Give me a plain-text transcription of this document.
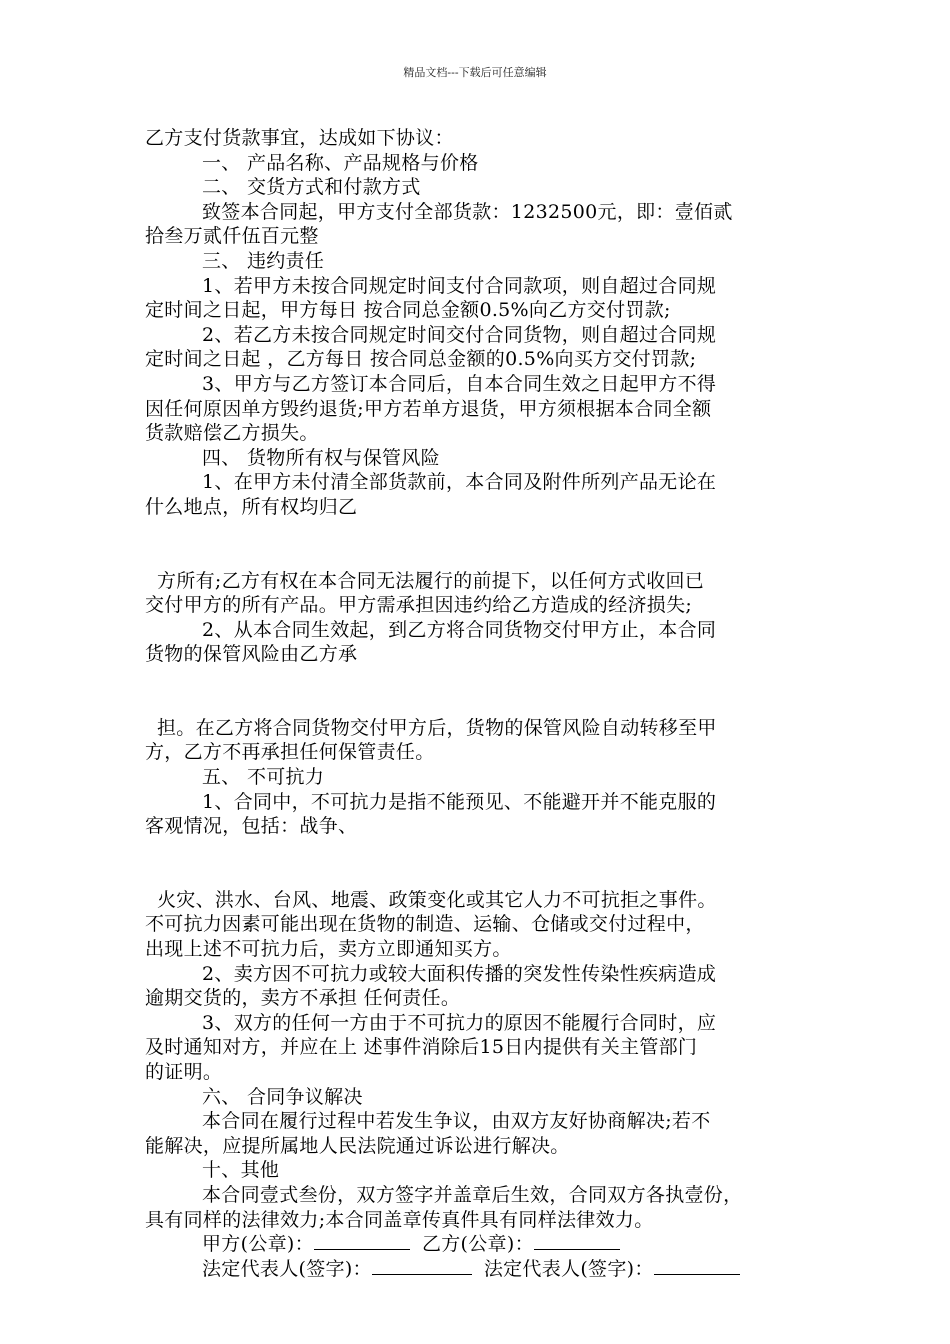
精品文档---下载后可任意编辑

乙方支付货款事宜，达成如下协议：

一、 产品名称、产品规格与价格

二、 交货方式和付款方式

致签本合同起，甲方支付全部货款：1232500元，即：壹佰贰

拾叁万贰仟伍百元整

三、 违约责任

1、若甲方未按合同规定时间支付合同款项，则自超过合同规

定时间之日起，甲方每日 按合同总金额0.5%向乙方交付罚款;

2、若乙方未按合同规定时间交付合同货物，则自超过合同规

定时间之日起 ，乙方每日 按合同总金额的0.5%向买方交付罚款;

3、甲方与乙方签订本合同后，自本合同生效之日起甲方不得

因任何原因单方毁约退货;甲方若单方退货，甲方须根据本合同全额

货款赔偿乙方损失。

四、 货物所有权与保管风险

1、在甲方未付清全部货款前，本合同及附件所列产品无论在

什么地点，所有权均归乙

方所有;乙方有权在本合同无法履行的前提下，以任何方式收回已

交付甲方的所有产品。甲方需承担因违约给乙方造成的经济损失;

2、从本合同生效起，到乙方将合同货物交付甲方止，本合同

货物的保管风险由乙方承

担。在乙方将合同货物交付甲方后，货物的保管风险自动转移至甲

方，乙方不再承担任何保管责任。

五、 不可抗力

1、合同中，不可抗力是指不能预见、不能避开并不能克服的

客观情况，包括：战争、

火灾、洪水、台风、地震、政策变化或其它人力不可抗拒之事件。

不可抗力因素可能出现在货物的制造、运输、仓储或交付过程中，

出现上述不可抗力后，卖方立即通知买方。

2、卖方因不可抗力或较大面积传播的突发性传染性疾病造成

逾期交货的，卖方不承担 任何责任。

3、双方的任何一方由于不可抗力的原因不能履行合同时，应

及时通知对方，并应在上 述事件消除后15日内提供有关主管部门

的证明。

六、 合同争议解决

本合同在履行过程中若发生争议，由双方友好协商解决;若不

能解决，应提所属地人民法院通过诉讼进行解决。

十、其他

本合同壹式叁份，双方签字并盖章后生效，合同双方各执壹份，

具有同样的法律效力;本合同盖章传真件具有同样法律效力。

甲方(公章)：	乙方(公章)：

法定代表人(签字)：	法定代表人(签字)：
